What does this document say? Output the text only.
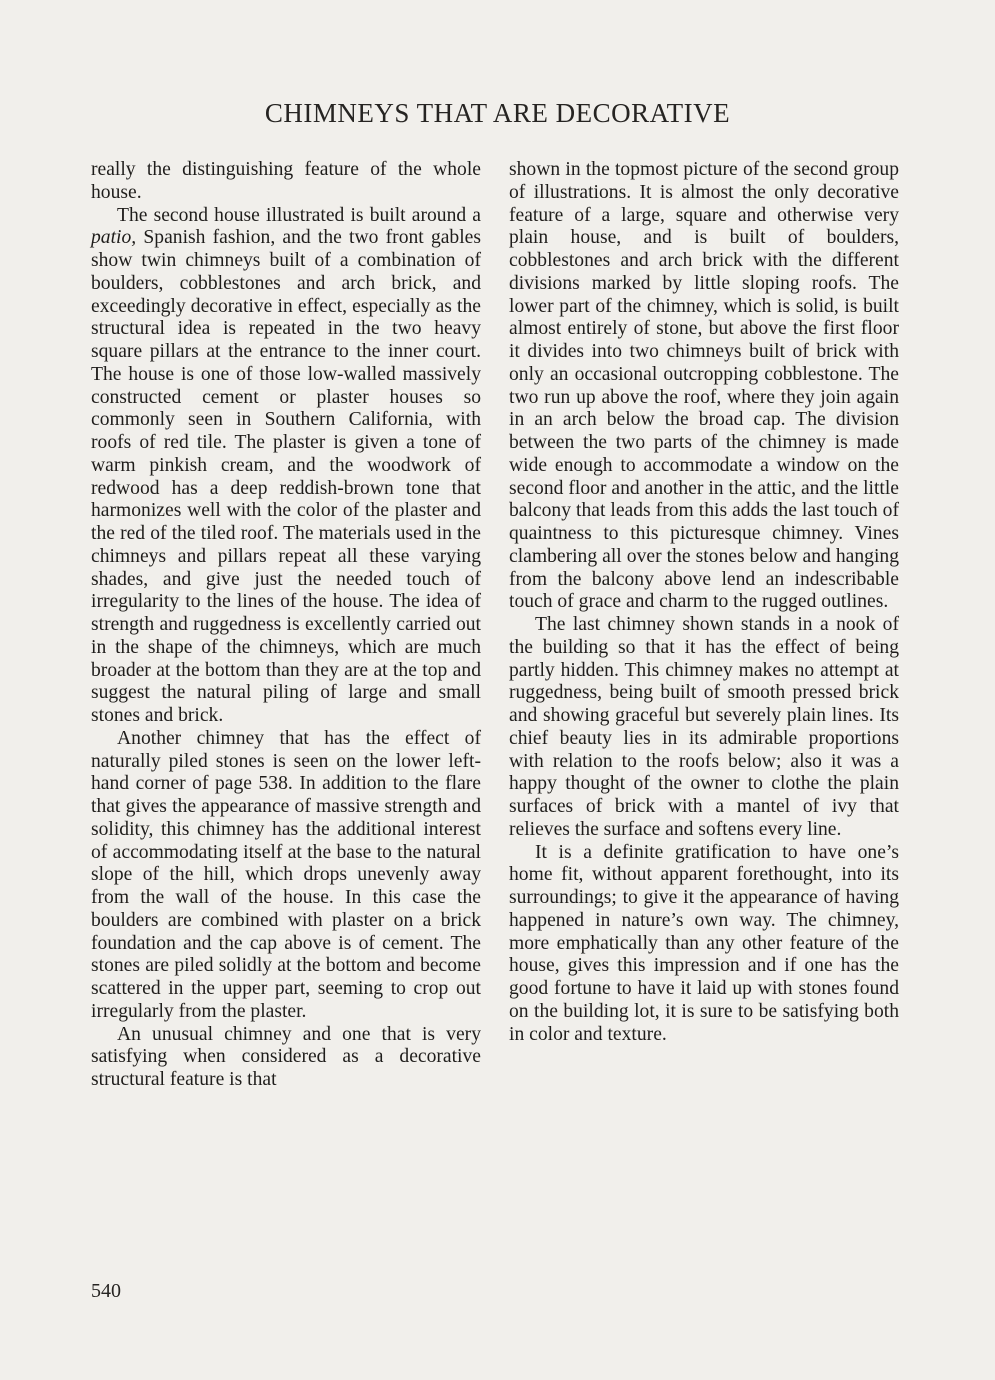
CHIMNEYS THAT ARE DECORATIVE

really the distinguishing feature of the whole house.

The second house illustrated is built around a patio, Spanish fashion, and the two front gables show twin chimneys built of a combination of boulders, cobblestones and arch brick, and exceedingly decorative in effect, especially as the structural idea is repeated in the two heavy square pillars at the entrance to the inner court. The house is one of those low-walled massively constructed cement or plaster houses so commonly seen in Southern California, with roofs of red tile. The plaster is given a tone of warm pinkish cream, and the woodwork of redwood has a deep reddish-brown tone that harmonizes well with the color of the plaster and the red of the tiled roof. The materials used in the chimneys and pillars repeat all these varying shades, and give just the needed touch of irregularity to the lines of the house. The idea of strength and ruggedness is excellently carried out in the shape of the chimneys, which are much broader at the bottom than they are at the top and suggest the natural piling of large and small stones and brick.

Another chimney that has the effect of naturally piled stones is seen on the lower left-hand corner of page 538. In addition to the flare that gives the appearance of massive strength and solidity, this chimney has the additional interest of accommodating itself at the base to the natural slope of the hill, which drops unevenly away from the wall of the house. In this case the boulders are combined with plaster on a brick foundation and the cap above is of cement. The stones are piled solidly at the bottom and become scattered in the upper part, seeming to crop out irregularly from the plaster.

An unusual chimney and one that is very satisfying when considered as a decorative structural feature is that

shown in the topmost picture of the second group of illustrations. It is almost the only decorative feature of a large, square and otherwise very plain house, and is built of boulders, cobblestones and arch brick with the different divisions marked by little sloping roofs. The lower part of the chimney, which is solid, is built almost entirely of stone, but above the first floor it divides into two chimneys built of brick with only an occasional outcropping cobblestone. The two run up above the roof, where they join again in an arch below the broad cap. The division between the two parts of the chimney is made wide enough to accommodate a window on the second floor and another in the attic, and the little balcony that leads from this adds the last touch of quaintness to this picturesque chimney. Vines clambering all over the stones below and hanging from the balcony above lend an indescribable touch of grace and charm to the rugged outlines.

The last chimney shown stands in a nook of the building so that it has the effect of being partly hidden. This chimney makes no attempt at ruggedness, being built of smooth pressed brick and showing graceful but severely plain lines. Its chief beauty lies in its admirable proportions with relation to the roofs below; also it was a happy thought of the owner to clothe the plain surfaces of brick with a mantel of ivy that relieves the surface and softens every line.

It is a definite gratification to have one’s home fit, without apparent forethought, into its surroundings; to give it the appearance of having happened in nature’s own way. The chimney, more emphatically than any other feature of the house, gives this impression and if one has the good fortune to have it laid up with stones found on the building lot, it is sure to be satisfying both in color and texture.

540
